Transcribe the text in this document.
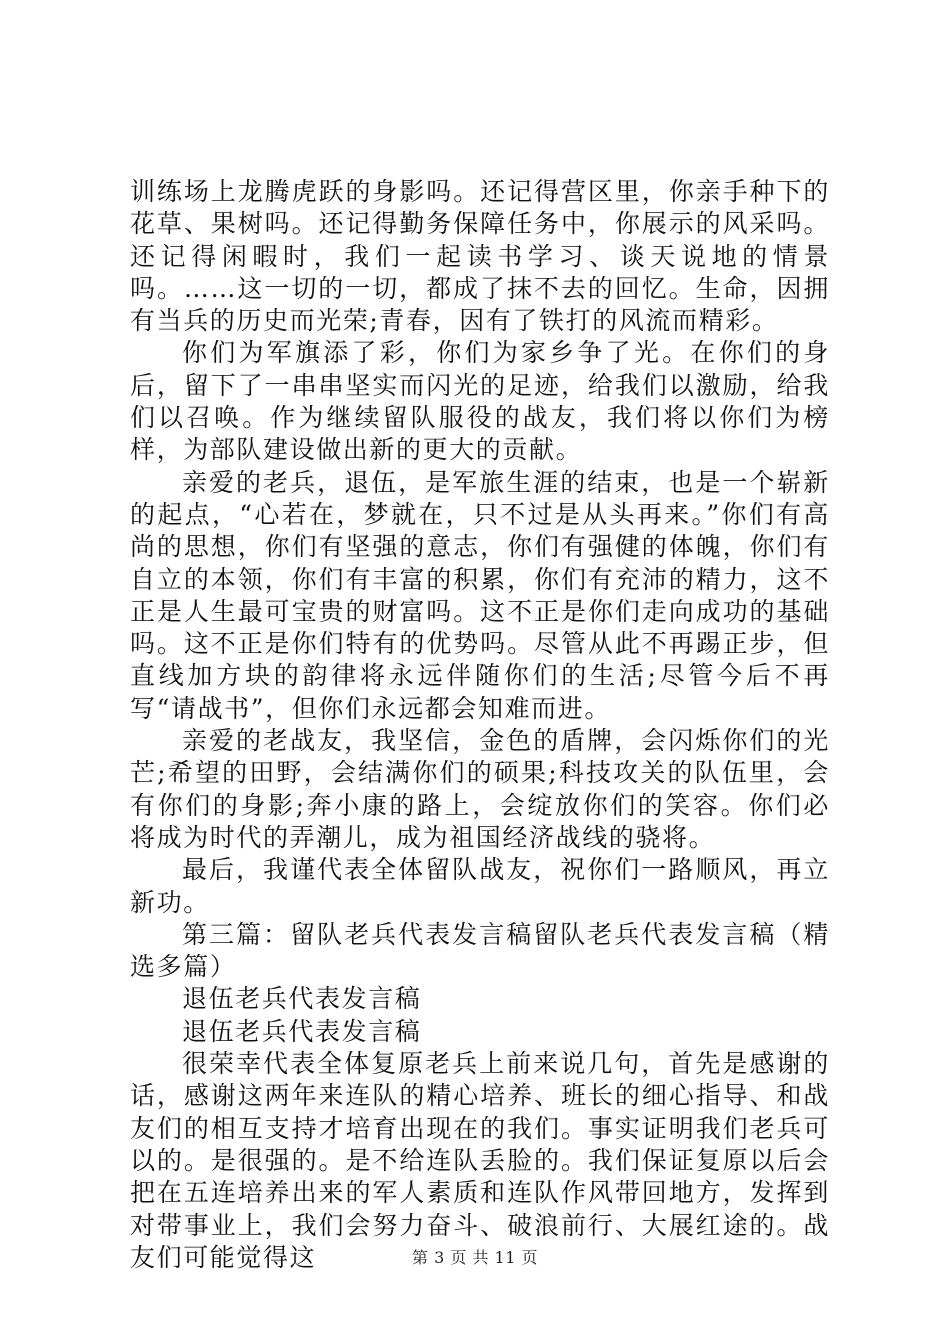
训练场上龙腾虎跃的身影吗。还记得营区里，你亲手种下的花草、果树吗。还记得勤务保障任务中，你展示的风采吗。还记得闲暇时，我们一起读书学习、谈天说地的情景吗。……这一切的一切，都成了抹不去的回忆。生命，因拥有当兵的历史而光荣;青春，因有了铁打的风流而精彩。

你们为军旗添了彩，你们为家乡争了光。在你们的身后，留下了一串串坚实而闪光的足迹，给我们以激励，给我们以召唤。作为继续留队服役的战友，我们将以你们为榜样，为部队建设做出新的更大的贡献。

亲爱的老兵，退伍，是军旅生涯的结束，也是一个崭新的起点，“心若在，梦就在，只不过是从头再来。”你们有高尚的思想，你们有坚强的意志，你们有强健的体魄，你们有自立的本领，你们有丰富的积累，你们有充沛的精力，这不正是人生最可宝贵的财富吗。这不正是你们走向成功的基础吗。这不正是你们特有的优势吗。尽管从此不再踢正步，但直线加方块的韵律将永远伴随你们的生活;尽管今后不再写“请战书”，但你们永远都会知难而进。

亲爱的老战友，我坚信，金色的盾牌，会闪烁你们的光芒;希望的田野，会结满你们的硕果;科技攻关的队伍里，会有你们的身影;奔小康的路上，会绽放你们的笑容。你们必将成为时代的弄潮儿，成为祖国经济战线的骁将。

最后，我谨代表全体留队战友，祝你们一路顺风，再立新功。

第三篇：留队老兵代表发言稿留队老兵代表发言稿（精选多篇）

退伍老兵代表发言稿

退伍老兵代表发言稿

很荣幸代表全体复原老兵上前来说几句，首先是感谢的话，感谢这两年来连队的精心培养、班长的细心指导、和战友们的相互支持才培育出现在的我们。事实证明我们老兵可以的。是很强的。是不给连队丢脸的。我们保证复原以后会把在五连培养出来的军人素质和连队作风带回地方，发挥到对带事业上，我们会努力奋斗、破浪前行、大展红途的。战友们可能觉得这	第 3 页 共 11 页
